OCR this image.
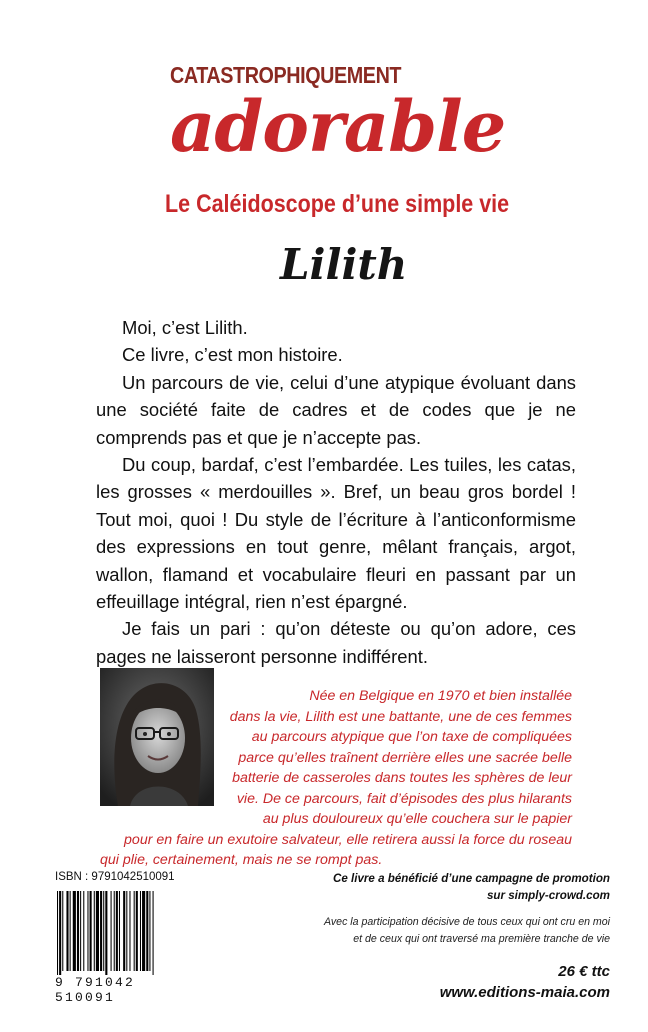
CATASTROPHIQUEMENT
adorable
Le Caléidoscope d’une simple vie
Lilith

Moi, c’est Lilith.

Ce livre, c’est mon histoire.

Un parcours de vie, celui d’une atypique évoluant dans une société faite de cadres et de codes que je ne comprends pas et que je n’accepte pas.

Du coup, bardaf, c’est l’embardée. Les tuiles, les catas, les grosses « merdouilles ». Bref, un beau gros bordel ! Tout moi, quoi ! Du style de l’écriture à l’anticonformisme des expressions en tout genre, mêlant français, argot, wallon, flamand et vocabulaire fleuri en passant par un effeuillage intégral, rien n’est épargné.

Je fais un pari : qu’on déteste ou qu’on adore, ces pages ne laisseront personne indifférent.

Née en Belgique en 1970 et bien installée
dans la vie, Lilith est une battante, une de ces femmes
au parcours atypique que l’on taxe de compliquées
parce qu’elles traînent derrière elles une sacrée belle
batterie de casseroles dans toutes les sphères de leur
vie. De ce parcours, fait d’épisodes des plus hilarants
au plus douloureux qu’elle couchera sur le papier
pour en faire un exutoire salvateur, elle retirera aussi la force du roseau
qui plie, certainement, mais ne se rompt pas.
ISBN : 9791042510091
9 791042 510091
Ce livre a bénéficié d’une campagne de promotion
sur simply-crowd.com
Avec la participation décisive de tous ceux qui ont cru en moi
et de ceux qui ont traversé ma première tranche de vie
26 € ttc
www.editions-maia.com
